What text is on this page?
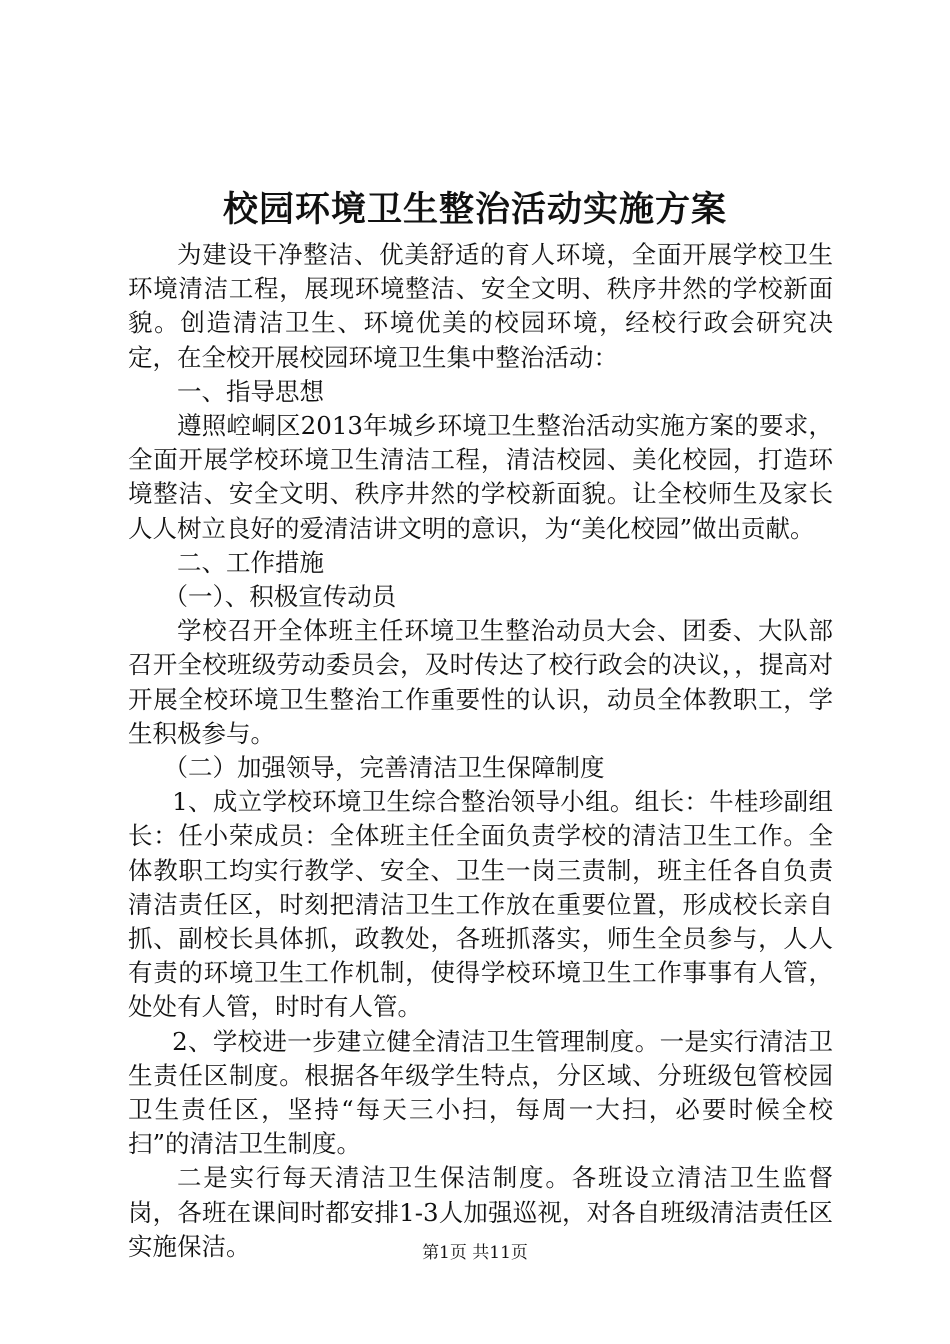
校园环境卫生整治活动实施方案

为建设干净整洁、优美舒适的育人环境，全面开展学校卫生环境清洁工程，展现环境整洁、安全文明、秩序井然的学校新面貌。创造清洁卫生、环境优美的校园环境，经校行政会研究决定，在全校开展校园环境卫生集中整治活动：

一、指导思想

遵照崆峒区2013年城乡环境卫生整治活动实施方案的要求，全面开展学校环境卫生清洁工程，清洁校园、美化校园，打造环境整洁、安全文明、秩序井然的学校新面貌。让全校师生及家长人人树立良好的爱清洁讲文明的意识，为“美化校园”做出贡献。

二、工作措施

（一）、积极宣传动员

学校召开全体班主任环境卫生整治动员大会、团委、大队部召开全校班级劳动委员会，及时传达了校行政会的决议，，提高对开展全校环境卫生整治工作重要性的认识，动员全体教职工，学生积极参与。

（二）加强领导，完善清洁卫生保障制度

1、成立学校环境卫生综合整治领导小组。组长：牛桂珍副组长：任小荣成员：全体班主任全面负责学校的清洁卫生工作。全体教职工均实行教学、安全、卫生一岗三责制，班主任各自负责清洁责任区，时刻把清洁卫生工作放在重要位置，形成校长亲自抓、副校长具体抓，政教处，各班抓落实，师生全员参与，人人有责的环境卫生工作机制，使得学校环境卫生工作事事有人管，处处有人管，时时有人管。

2、学校进一步建立健全清洁卫生管理制度。一是实行清洁卫生责任区制度。根据各年级学生特点，分区域、分班级包管校园卫生责任区，坚持“每天三小扫，每周一大扫，必要时候全校扫”的清洁卫生制度。

二是实行每天清洁卫生保洁制度。各班设立清洁卫生监督岗，各班在课间时都安排1-3人加强巡视，对各自班级清洁责任区实施保洁。	第1页 共11页
